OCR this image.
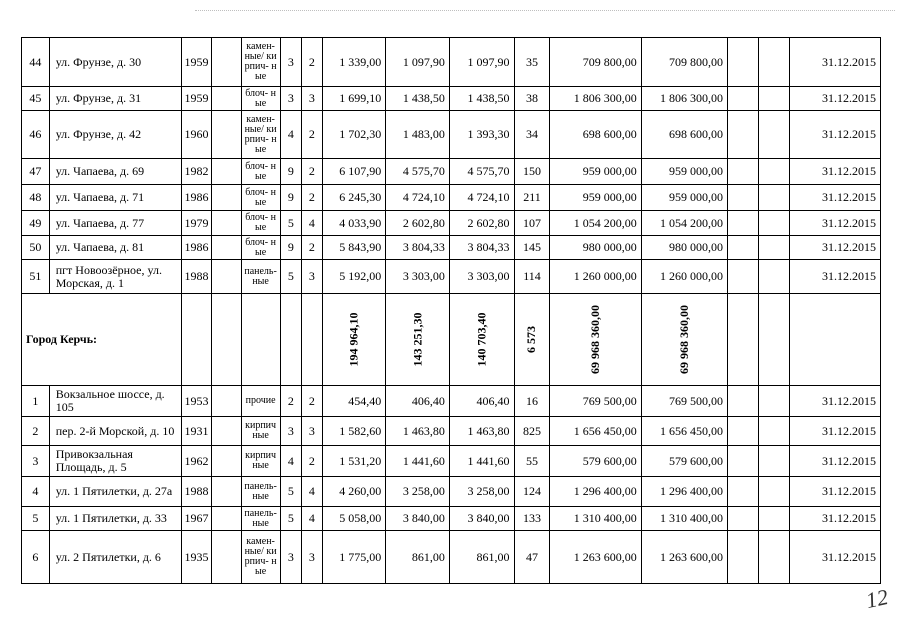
44	ул. Фрунзе, д. 30	1959		камен- ные/ кирпич- ные	3	2	1 339,00	1 097,90	1 097,90	35	709 800,00	709 800,00			31.12.2015
45	ул. Фрунзе, д. 31	1959		блоч- ные	3	3	1 699,10	1 438,50	1 438,50	38	1 806 300,00	1 806 300,00			31.12.2015
46	ул. Фрунзе, д. 42	1960		камен- ные/ кирпич- ные	4	2	1 702,30	1 483,00	1 393,30	34	698 600,00	698 600,00			31.12.2015
47	ул. Чапаева, д. 69	1982		блоч- ные	9	2	6 107,90	4 575,70	4 575,70	150	959 000,00	959 000,00			31.12.2015
48	ул. Чапаева, д. 71	1986		блоч- ные	9	2	6 245,30	4 724,10	4 724,10	211	959 000,00	959 000,00			31.12.2015
49	ул. Чапаева, д. 77	1979		блоч- ные	5	4	4 033,90	2 602,80	2 602,80	107	1 054 200,00	1 054 200,00			31.12.2015
50	ул. Чапаева, д. 81	1986		блоч- ные	9	2	5 843,90	3 804,33	3 804,33	145	980 000,00	980 000,00			31.12.2015
51	пгт Новоозёрное, ул. Морская, д. 1	1988		панель- ные	5	3	5 192,00	3 303,00	3 303,00	114	1 260 000,00	1 260 000,00			31.12.2015
Город Керчь:							194 964,10	143 251,30	140 703,40	6 573	69 968 360,00	69 968 360,00			
1	Вокзальное шоссе, д. 105	1953		прочие	2	2	454,40	406,40	406,40	16	769 500,00	769 500,00			31.12.2015
2	пер. 2-й Морской, д. 10	1931		кирпич ные	3	3	1 582,60	1 463,80	1 463,80	825	1 656 450,00	1 656 450,00			31.12.2015
3	Привокзальная Площадь, д. 5	1962		кирпич ные	4	2	1 531,20	1 441,60	1 441,60	55	579 600,00	579 600,00			31.12.2015
4	ул. 1 Пятилетки, д. 27а	1988		панель- ные	5	4	4 260,00	3 258,00	3 258,00	124	1 296 400,00	1 296 400,00			31.12.2015
5	ул. 1 Пятилетки, д. 33	1967		панель- ные	5	4	5 058,00	3 840,00	3 840,00	133	1 310 400,00	1 310 400,00			31.12.2015
6	ул. 2 Пятилетки, д. 6	1935		камен- ные/ кирпич- ные	3	3	1 775,00	861,00	861,00	47	1 263 600,00	1 263 600,00			31.12.2015
12
